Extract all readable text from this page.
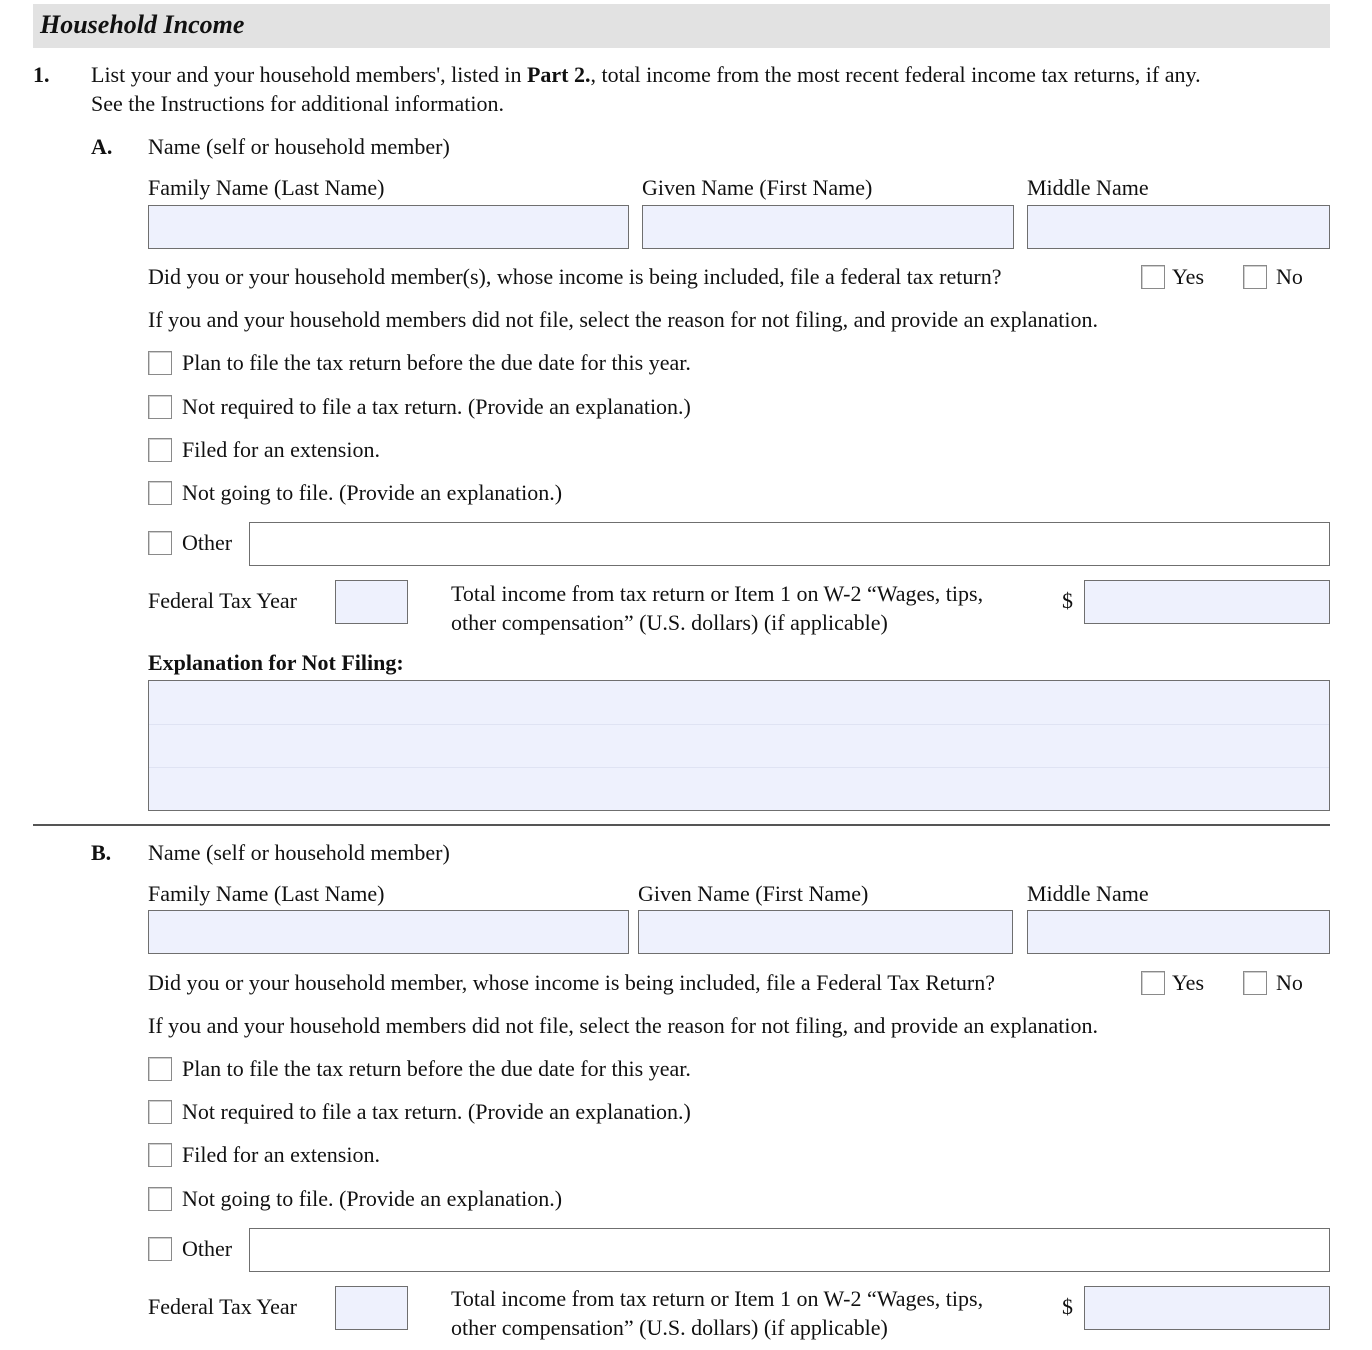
Household Income
1. List your and your household members', listed in Part 2., total income from the most recent federal income tax returns, if any.
See the Instructions for additional information.
A. Name (self or household member)
Family Name (Last Name)	Given Name (First Name)	Middle Name
Did you or your household member(s), whose income is being included, file a federal tax return?	Yes	No
If you and your household members did not file, select the reason for not filing, and provide an explanation.
Plan to file the tax return before the due date for this year.
Not required to file a tax return. (Provide an explanation.)
Filed for an extension.
Not going to file. (Provide an explanation.)
Other
Federal Tax Year	Total income from tax return or Item 1 on W-2 “Wages, tips,
other compensation” (U.S. dollars) (if applicable)
$
Explanation for Not Filing:
B. Name (self or household member)
Family Name (Last Name)	Given Name (First Name)	Middle Name
Did you or your household member, whose income is being included, file a Federal Tax Return?	Yes	No
If you and your household members did not file, select the reason for not filing, and provide an explanation.
Plan to file the tax return before the due date for this year.
Not required to file a tax return. (Provide an explanation.)
Filed for an extension.
Not going to file. (Provide an explanation.)
Other
Federal Tax Year	Total income from tax return or Item 1 on W-2 “Wages, tips,
other compensation” (U.S. dollars) (if applicable)
$
